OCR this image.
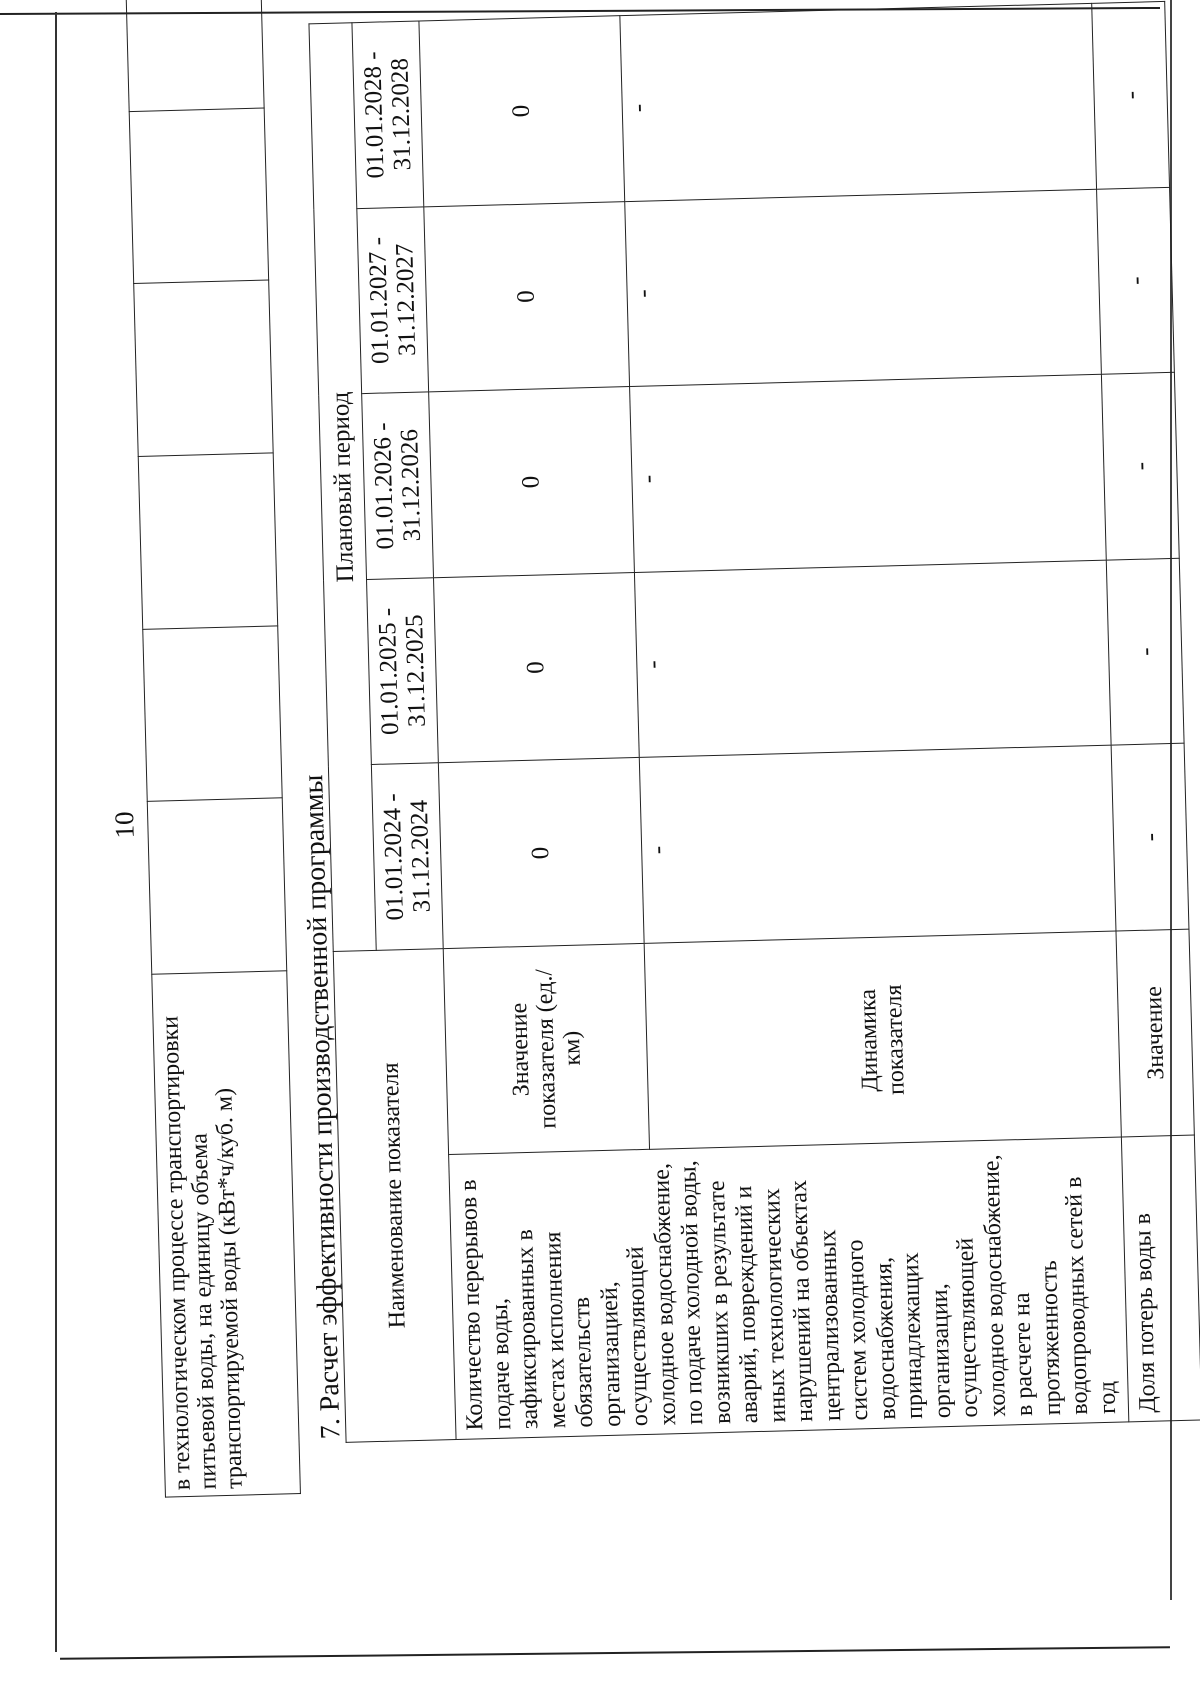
10
в технологическом процессе транспортировки питьевой воды, на единицу объема транспортируемой воды (кВт*ч/куб. м)						7. Расчет эффективности производственной программы Наименование показателя		Плановый период				
		01.01.2024 - 31.12.2024	01.01.2025 - 31.12.2025	01.01.2026 - 31.12.2026	01.01.2027 - 31.12.2027	01.01.2028 - 31.12.2028
Количество перерывов в подаче воды, зафиксированных в местах исполнения обязательств организацией, осуществляющей холодное водоснабжение, по подаче холодной воды, возникших в результате аварий, повреждений и иных технологических нарушений на объектах централизованных систем холодного водоснабжения, принадлежащих организации, осуществляющей холодное водоснабжение, в расчете на протяженность водопроводных сетей в год	Значение показателя (ед./км)	0	0	0	0	0
	Динамика показателя	-	-	-	-	-
Доля потерь воды в	Значение	-	-	-	-	-
